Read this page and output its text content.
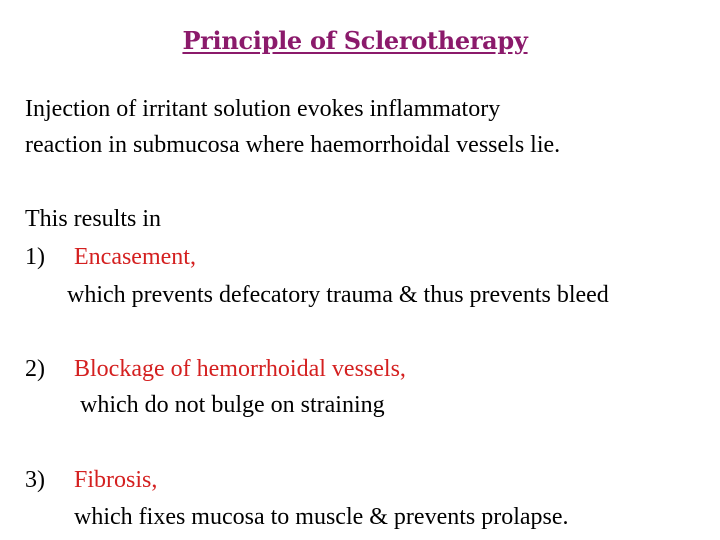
Principle of Sclerotherapy
Injection of irritant solution evokes inflammatory
reaction in submucosa where haemorrhoidal vessels lie.
This results in
1) Encasement,
which prevents defecatory trauma & thus prevents bleed
2) Blockage of hemorrhoidal vessels,
which do not bulge on straining
3) Fibrosis,
which fixes mucosa to muscle & prevents prolapse.
